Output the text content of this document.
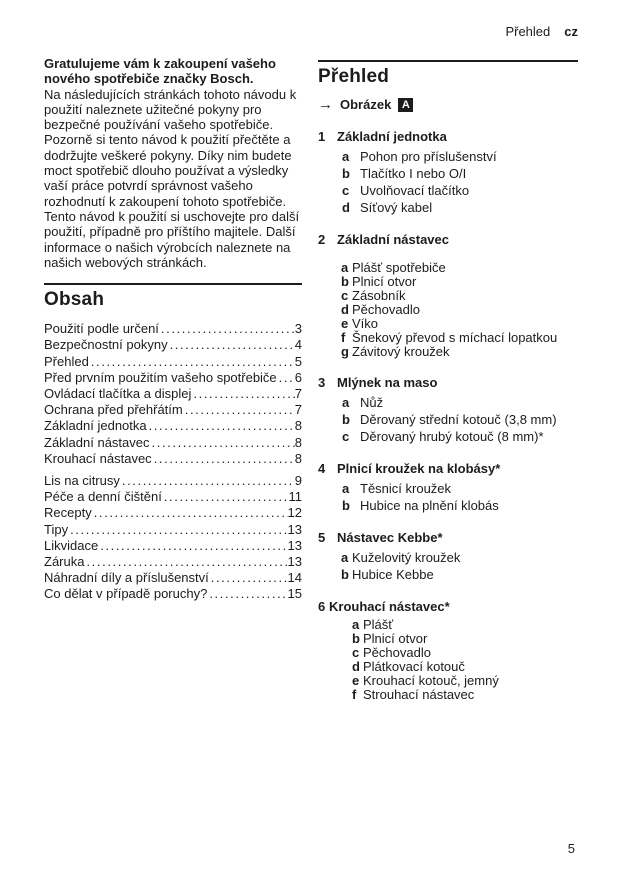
Přehled cz

Gratulujeme vám k zakoupení vašeho nového spotřebiče značky Bosch.

Na následujících stránkách tohoto návodu k použití naleznete užitečné pokyny pro bezpečné používání vašeho spotřebiče. Pozorně si tento návod k použití přečtěte a dodržujte veškeré pokyny. Díky nim budete moct spotřebič dlouho používat a výsledky vaší práce potvrdí správnost vašeho rozhodnutí k zakoupení tohoto spotřebiče. Tento návod k použití si uschovejte pro další použití, případně pro příštího majitele. Další informace o našich výrobcích naleznete na našich webových stránkách.

Obsah
Použití podle určení .....	3
Bezpečnostní pokyny .....	4
Přehled .....	5
Před prvním použitím vašeho spotřebiče ..... 6
Ovládací tlačítka a displej .....	7
Ochrana před přehřátím .....	7
Základní jednotka .....	8
Základní nástavec .....	8
Krouhací nástavec .....	8
Lis na citrusy .....	9
Péče a denní čištění .....	11
Recepty .....	12
Tipy .....	13
Likvidace .....	13
Záruka .....	13
Náhradní díly a příslušenství .....	14
Co dělat v případě poruchy? .....	15
Přehled
→ Obrázek A
1 Základní jednotka
a Pohon pro příslušenství
b Tlačítko I nebo O/I
c Uvolňovací tlačítko
d Síťový kabel
2 Základní nástavec
a Plášť spotřebiče
b Plnicí otvor
c Zásobník
d Pěchovadlo
e Víko
f Šnekový převod s míchací lopatkou
g Závitový kroužek
3 Mlýnek na maso
a Nůž
b Děrovaný střední kotouč (3,8 mm)
c Děrovaný hrubý kotouč (8 mm)*
4 Plnicí kroužek na klobásy*
a Těsnicí kroužek
b Hubice na plnění klobás
5 Nástavec Kebbe*
a Kuželovitý kroužek
b Hubice Kebbe
6 Krouhací nástavec*
a Plášť
b Plnicí otvor
c Pěchovadlo
d Plátkovací kotouč
e Krouhací kotouč, jemný
f Strouhací nástavec
5
